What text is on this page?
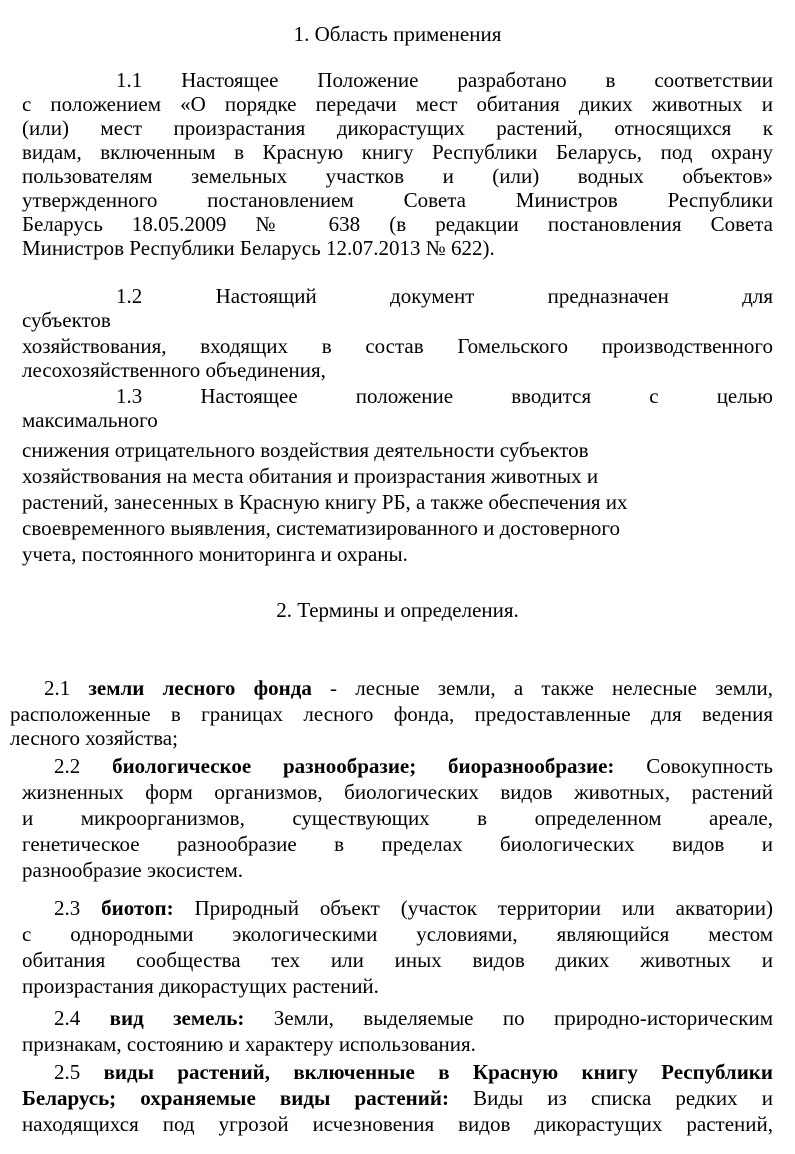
1. Область применения
1.1 Настоящее Положение разработано в соответствии
с положением «О порядке передачи мест обитания диких животных и
(или) мест произрастания дикорастущих растений, относящихся к
видам, включенным в Красную книгу Республики Беларусь, под охрану
пользователям земельных участков и (или) водных объектов»
утвержденного постановлением Совета Министров Республики
Беларусь 18.05.2009 № 638 (в редакции постановления Совета
Министров Республики Беларусь 12.07.2013 № 622).
1.2 Настоящий документ предназначен для
субъектов
хозяйствования, входящих в состав Гомельского производственного
лесохозяйственного объединения,
1.3 Настоящее положение вводится с целью
максимального
снижения отрицательного воздействия деятельности субъектов
хозяйствования на места обитания и произрастания животных и
растений, занесенных в Красную книгу РБ, а также обеспечения их
своевременного выявления, систематизированного и достоверного
учета, постоянного мониторинга и охраны.
2. Термины и определения.
2.1 земли лесного фонда - лесные земли, а также нелесные земли,
расположенные в границах лесного фонда, предоставленные для ведения
лесного хозяйства;
2.2 биологическое разнообразие; биоразнообразие: Совокупность
жизненных форм организмов, биологических видов животных, растений
и микроорганизмов, существующих в определенном ареале,
генетическое разнообразие в пределах биологических видов и
разнообразие экосистем.
2.3 биотоп: Природный объект (участок территории или акватории)
с однородными экологическими условиями, являющийся местом
обитания сообщества тех или иных видов диких животных и
произрастания дикорастущих растений.
2.4 вид земель: Земли, выделяемые по природно-историческим
признакам, состоянию и характеру использования.
2.5 виды растений, включенные в Красную книгу Республики
Беларусь; охраняемые виды растений: Виды из списка редких и
находящихся под угрозой исчезновения видов дикорастущих растений,
